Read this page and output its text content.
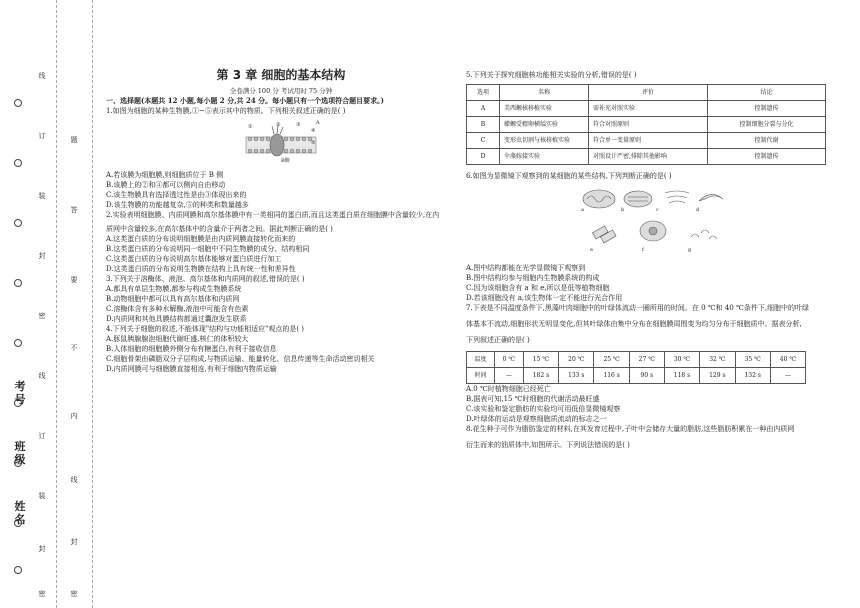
考号
班级
姓名
线
订
装
封
密
线
订
装
封
密
题
答
要
不
内
线
封
密
第 3 章 细胞的基本结构
全卷满分 100 分 考试用时 75 分钟

一、选择题(本题共 12 小题,每小题 2 分,共 24 分。每小题只有一个选项符合题目要求。)

1.如图为细胞的某种生物膜,①~⑤表示其中的物质。下列相关叙述正确的是( )

①	②	③
④
⑤
A
B侧

A.若该膜为细胞膜,则细胞质位于 B 侧

B.该膜上的②和④都可以侧向自由移动

C.该生物膜具有选择透过性是由③体现出来的

D.该生物膜的功能越复杂,⑤的种类和数量越多

2.实验表明细胞膜、内质网膜和高尔基体膜中有一类相同的蛋白质,而且这类蛋白质在细胞膜中含量较少,在内

质网中含量较多,在高尔基体中的含量介于两者之间。据此判断正确的是( )

A.这类蛋白质的分布说明细胞膜是由内质网膜直接转化而来的

B.这类蛋白质的分布说明同一细胞中不同生物膜的成分、结构相同

C.这类蛋白质的分布说明高尔基体能够对蛋白质进行加工

D.这类蛋白质的分布说明生物膜在结构上具有统一性和差异性

3.下列关于溶酶体、液泡、高尔基体和内质网的叙述,错误的是( )

A.都具有单层生物膜,都参与构成生物膜系统

B.动物细胞中都可以具有高尔基体和内质网

C.溶酶体含有多种水解酶,液泡中可能含有色素

D.内质网和其他具膜结构都通过囊泡发生联系

4.下列关于细胞的叙述,不能体现"结构与功能相适应"观点的是( )

A.豚鼠胰腺腺泡细胞代谢旺盛,核仁的体积较大

B.人体细胞的细胞膜外侧分布有糖蛋白,有利于接收信息

C.细胞骨架由磷脂双分子层构成,与物质运输、能量转化、信息传递等生命活动密切相关

D.内质网膜可与细胞膜直接相连,有利于细胞内物质运输

5.下列关于探究细胞核功能相关实验的分析,错误的是( )

选项	名称	评价	结论
A	美西螈核移植实验	需补充对照实验	控制遗传
B	蝾螈受精卵横缢实验	符合对照原则	控制细胞分裂与分化
C	变形虫切割与核移植实验	符合单一变量原则	控制代谢
D	伞藻嫁接实验	对照设计严密,排除其他影响	控制遗传

6.如图为显微镜下观察到的某细胞的某些结构,下列判断正确的是( )

a	b	c	d
e	f	g

A.图中结构都能在光学显微镜下观察到

B.图中结构均参与细胞内生物膜系统的构成

C.因为该细胞含有 a 和 e,所以是低等植物细胞

D.若该细胞没有 a,该生物体一定不能进行光合作用

7.下表是不同温度条件下,黑藻叶肉细胞中的叶绿体流动一圈所用的时间。在 0 ℃和 40 ℃条件下,细胞中的叶绿

体基本不流动,细胞形状无明显变化,但其叶绿体由集中分布在细胞膜周围变为均匀分布于细胞质中。据表分析,

下列叙述正确的是( )

温度	0 ℃	15 ℃	20 ℃	25 ℃	27 ℃	30 ℃	32 ℃	35 ℃	40 ℃
时间	—	182 s	133 s	116 s	90 s	118 s	129 s	132 s	—

A.0 ℃时植物细胞已经死亡

B.据表可知,15 ℃时细胞的代谢活动最旺盛

C.该实验和鉴定脂肪的实验均可用低倍显微镜观察

D.叶绿体的运动是观察细胞质流动的标志之一

8.花生种子可作为脂肪鉴定的材料,在其发育过程中,子叶中会储存大量的脂肪,这些脂肪积累在一种由内质网

衍生而来的油质体中,如图所示。下列说法错误的是( )
